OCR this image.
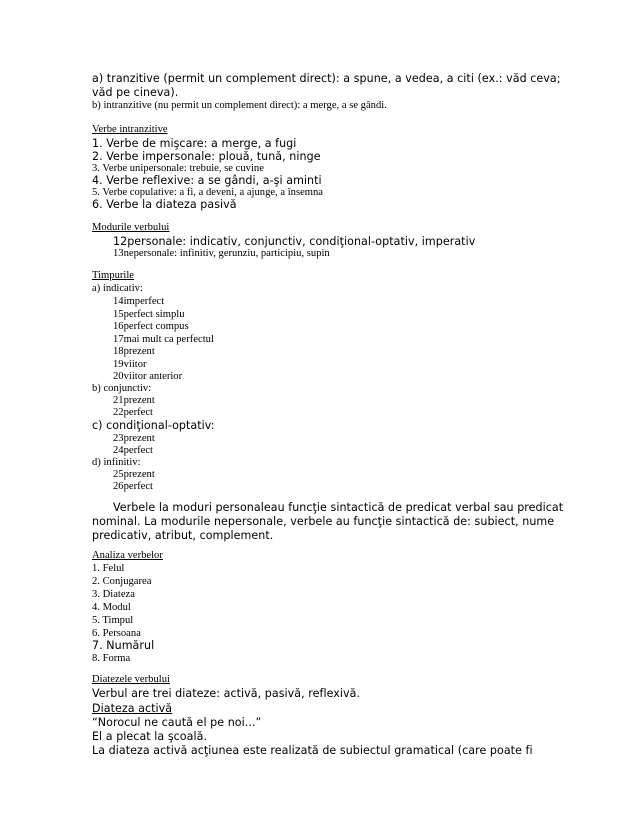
a) tranzitive (permit un complement direct): a spune, a vedea, a citi (ex.: văd ceva;
văd pe cineva).
b) intranzitive (nu permit un complement direct): a merge, a se gândi.
Verbe intranzitive
1. Verbe de mişcare: a merge, a fugi
2. Verbe impersonale: plouă, tună, ninge
3. Verbe unipersonale: trebuie, se cuvine
4. Verbe reflexive: a se gândi, a-şi aminti
5. Verbe copulative: a fi, a deveni, a ajunge, a însemna
6. Verbe la diateza pasivă
Modurile verbului
12personale: indicativ, conjunctiv, condiţional-optativ, imperativ
13nepersonale: infinitiv, gerunziu, participiu, supin
Timpurile
a) indicativ:
14imperfect
15perfect simplu
16perfect compus
17mai mult ca perfectul
18prezent
19viitor
20viitor anterior
b) conjunctiv:
21prezent
22perfect
c) condiţional-optativ:
23prezent
24perfect
d) infinitiv:
25prezent
26perfect
Verbele la moduri personaleau funcţie sintactică de predicat verbal sau predicat
nominal. La modurile nepersonale, verbele au funcţie sintactică de: subiect, nume
predicativ, atribut, complement.
Analiza verbelor
1. Felul
2. Conjugarea
3. Diateza
4. Modul
5. Timpul
6. Persoana
7. Numărul
8. Forma
Diatezele verbului
Verbul are trei diateze: activă, pasivă, reflexivă.
Diateza activă
“Norocul ne caută el pe noi...”
El a plecat la şcoală.
La diateza activă acţiunea este realizată de subiectul gramatical (care poate fi
